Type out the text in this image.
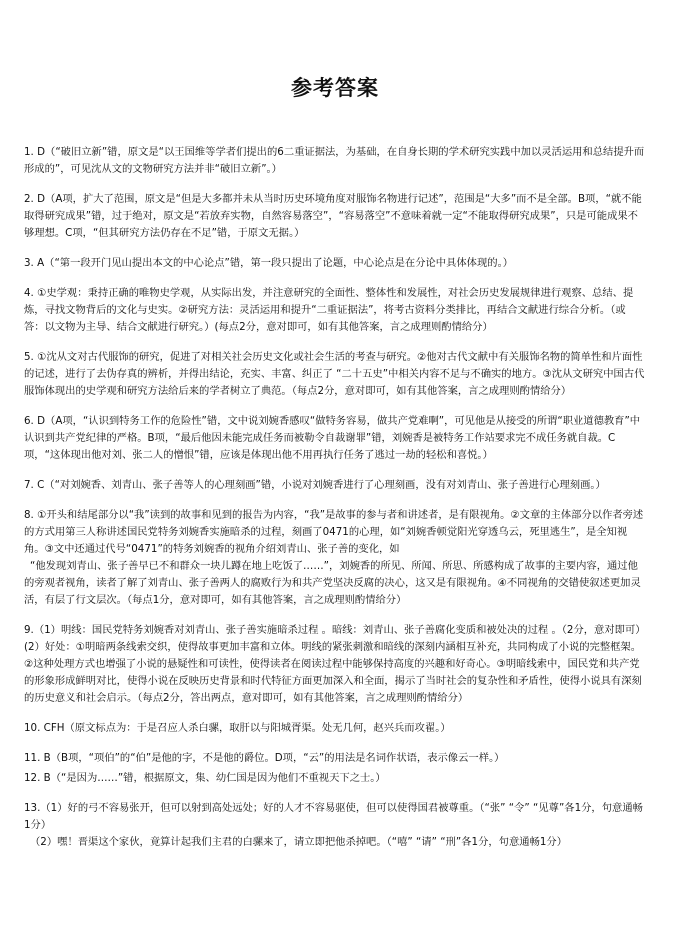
参考答案

1. D（“破旧立新”错，原文是“以王国维等学者们提出的6二重证据法，为基础，在自身长期的学术研究实践中加以灵活运用和总结提升而形成的”，可见沈从文的文物研究方法并非“破旧立新”。）

2. D（A项，扩大了范围，原文是“但是大多都并未从当时历史环境角度对服饰名物进行记述”，范围是“大多”而不是全部。B项，“就不能取得研究成果”错，过于绝对，原文是“若放弃实物，自然容易落空”，“容易落空”不意味着就一定“不能取得研究成果”，只是可能成果不够理想。C项，“但其研究方法仍存在不足”错，于原文无据。）

3. A（“第一段开门见山提出本文的中心论点”错，第一段只提出了论题，中心论点是在分论中具体体现的。）

4. ①史学观：秉持正确的唯物史学观，从实际出发，并注意研究的全面性、整体性和发展性，对社会历史发展规律进行观察、总结、提炼，寻找文物背后的文化与史实。②研究方法：灵活运用和提升“二重证据法”，将考古资料分类排比，再结合文献进行综合分析。（或答：以文物为主导、结合文献进行研究。）(每点2分，意对即可，如有其他答案，言之成理则酌情给分）

5. ①沈从文对古代服饰的研究，促进了对相关社会历史文化或社会生活的考查与研究。②他对古代文献中有关服饰名物的简单性和片面性的记述，进行了去伪存真的辨析，并得出结论，充实、丰富、纠正了 “二十五史”中相关内容不足与不确实的地方。③沈从文研究中国古代服饰体现出的史学观和研究方法给后来的学者树立了典范。（每点2分，意对即可，如有其他答案，言之成理则酌情给分）

6. D（A项，“认识到特务工作的危险性”错，文中说刘婉香感叹“做特务容易，做共产党难啊”，可见他是从接受的所谓“职业道德教育”中认识到共产党纪律的严格。B项，“最后他因未能完成任务而被勒令自裁谢罪”错，刘婉香是被特务工作站要求完不成任务就自裁。C项，“这体现出他对刘、张二人的憎恨”错，应该是体现出他不用再执行任务了逃过一劫的轻松和喜悦。）

7. C（“对刘婉香、刘青山、张子善等人的心理刻画”错，小说对刘婉香进行了心理刻画，没有对刘青山、张子善进行心理刻画。）

8. ①开头和结尾部分以“我”读到的故事和见到的报告为内容，“我”是故事的参与者和讲述者，是有限视角。②文章的主体部分以作者旁述的方式用第三人称讲述国民党特务刘婉香实施暗杀的过程，刻画了0471的心理，如“刘婉香顿觉阳光穿透乌云，死里逃生”，是全知视角。③文中还通过代号“0471”的特务刘婉香的视角介绍刘青山、张子善的变化，如

“他发现刘青山、张子善早已不和群众一块儿蹲在地上吃饭了……”，刘婉香的所见、所闻、所思、所感构成了故事的主要内容，通过他的旁观者视角，读者了解了刘青山、张子善两人的腐败行为和共产党坚决反腐的决心，这又是有限视角。④不同视角的交错使叙述更加灵活，有层了行文层次。（每点1分，意对即可，如有其他答案，言之成理则酌情给分）

9.（1）明线：国民党特务刘婉香对刘青山、张子善实施暗杀过程 。暗线：刘青山、张子善腐化变质和被处决的过程 。（2分，意对即可）(2）好处：①明暗两条线索交织，使得故事更加丰富和立体。明线的紧张刺激和暗线的深刻内涵相互补充，共同构成了小说的完整框架。②这种处理方式也增强了小说的悬疑性和可读性，使得读者在阅读过程中能够保持高度的兴趣和好奇心。③明暗线索中，国民党和共产党的形象形成鲜明对比，使得小说在反映历史背景和时代特征方面更加深入和全面，揭示了当时社会的复杂性和矛盾性，使得小说具有深刻的历史意义和社会启示。（每点2分，答出两点，意对即可，如有其他答案，言之成理则酌情给分）

10. CFH（原文标点为：于是召应人杀白骡，取肝以与阳城胥渠。处无几何，赵兴兵而攻翟。）

11. B（B项，“项伯”的“伯”是他的字，不是他的爵位。D项，“云”的用法是名词作状语，表示像云一样。）

12. B（“是因为……”错，根据原文，集、幼仁国是因为他们不重视天下之士。）

13.（1）好的弓不容易张开，但可以射到高处远处；好的人才不容易驱使，但可以使得国君被尊重。（“张” “令” “见尊”各1分，句意通畅1分）

（2）嘿！晋渠这个家伙，竟算计起我们主君的白骡来了，请立即把他杀掉吧。（“嘻” “请” “刑”各1分，句意通畅1分）
